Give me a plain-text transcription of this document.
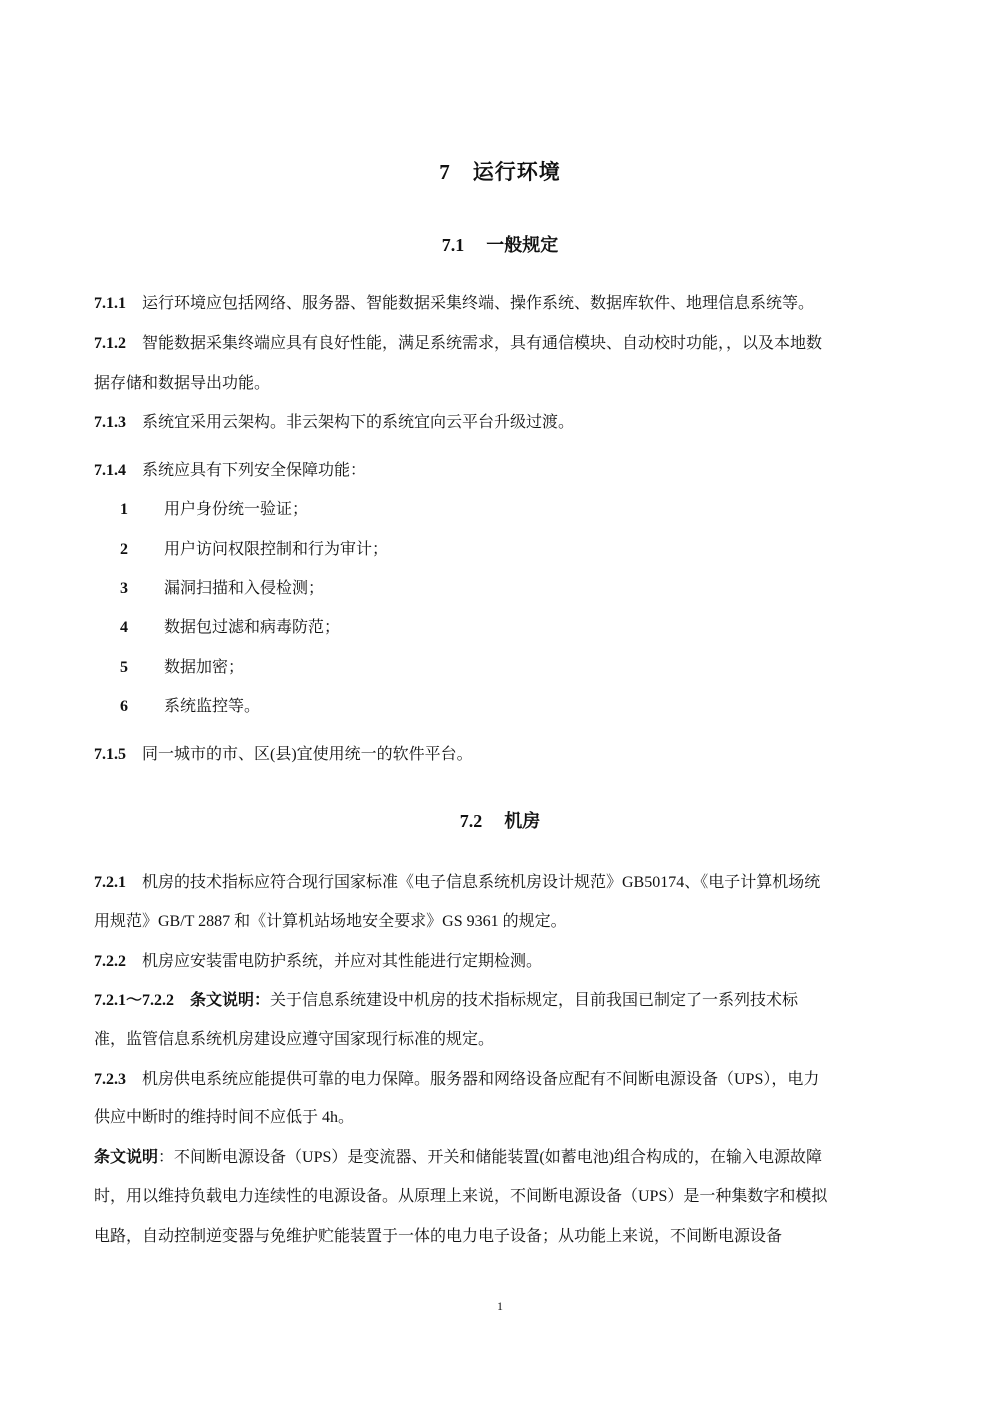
7 运行环境
7.1 一般规定
7.1.1 运行环境应包括网络、服务器、智能数据采集终端、操作系统、数据库软件、地理信息系统等。
7.1.2 智能数据采集终端应具有良好性能，满足系统需求，具有通信模块、自动校时功能，，以及本地数
据存储和数据导出功能。
7.1.3 系统宜采用云架构。非云架构下的系统宜向云平台升级过渡。
7.1.4 系统应具有下列安全保障功能：
1 用户身份统一验证；
2 用户访问权限控制和行为审计；
3 漏洞扫描和入侵检测；
4 数据包过滤和病毒防范；
5 数据加密；
6 系统监控等。
7.1.5 同一城市的市、区(县)宜使用统一的软件平台。
7.2 机房
7.2.1 机房的技术指标应符合现行国家标准《电子信息系统机房设计规范》GB50174、《电子计算机场统
用规范》GB/T 2887 和《计算机站场地安全要求》GS 9361 的规定。
7.2.2 机房应安装雷电防护系统，并应对其性能进行定期检测。
7.2.1～7.2.2 条文说明：关于信息系统建设中机房的技术指标规定，目前我国已制定了一系列技术标
准，监管信息系统机房建设应遵守国家现行标准的规定。
7.2.3 机房供电系统应能提供可靠的电力保障。服务器和网络设备应配有不间断电源设备（UPS），电力
供应中断时的维持时间不应低于 4h。
条文说明：不间断电源设备（UPS）是变流器、开关和储能装置(如蓄电池)组合构成的，在输入电源故障
时，用以维持负载电力连续性的电源设备。从原理上来说，不间断电源设备（UPS）是一种集数字和模拟
电路，自动控制逆变器与免维护贮能装置于一体的电力电子设备；从功能上来说，不间断电源设备
1
